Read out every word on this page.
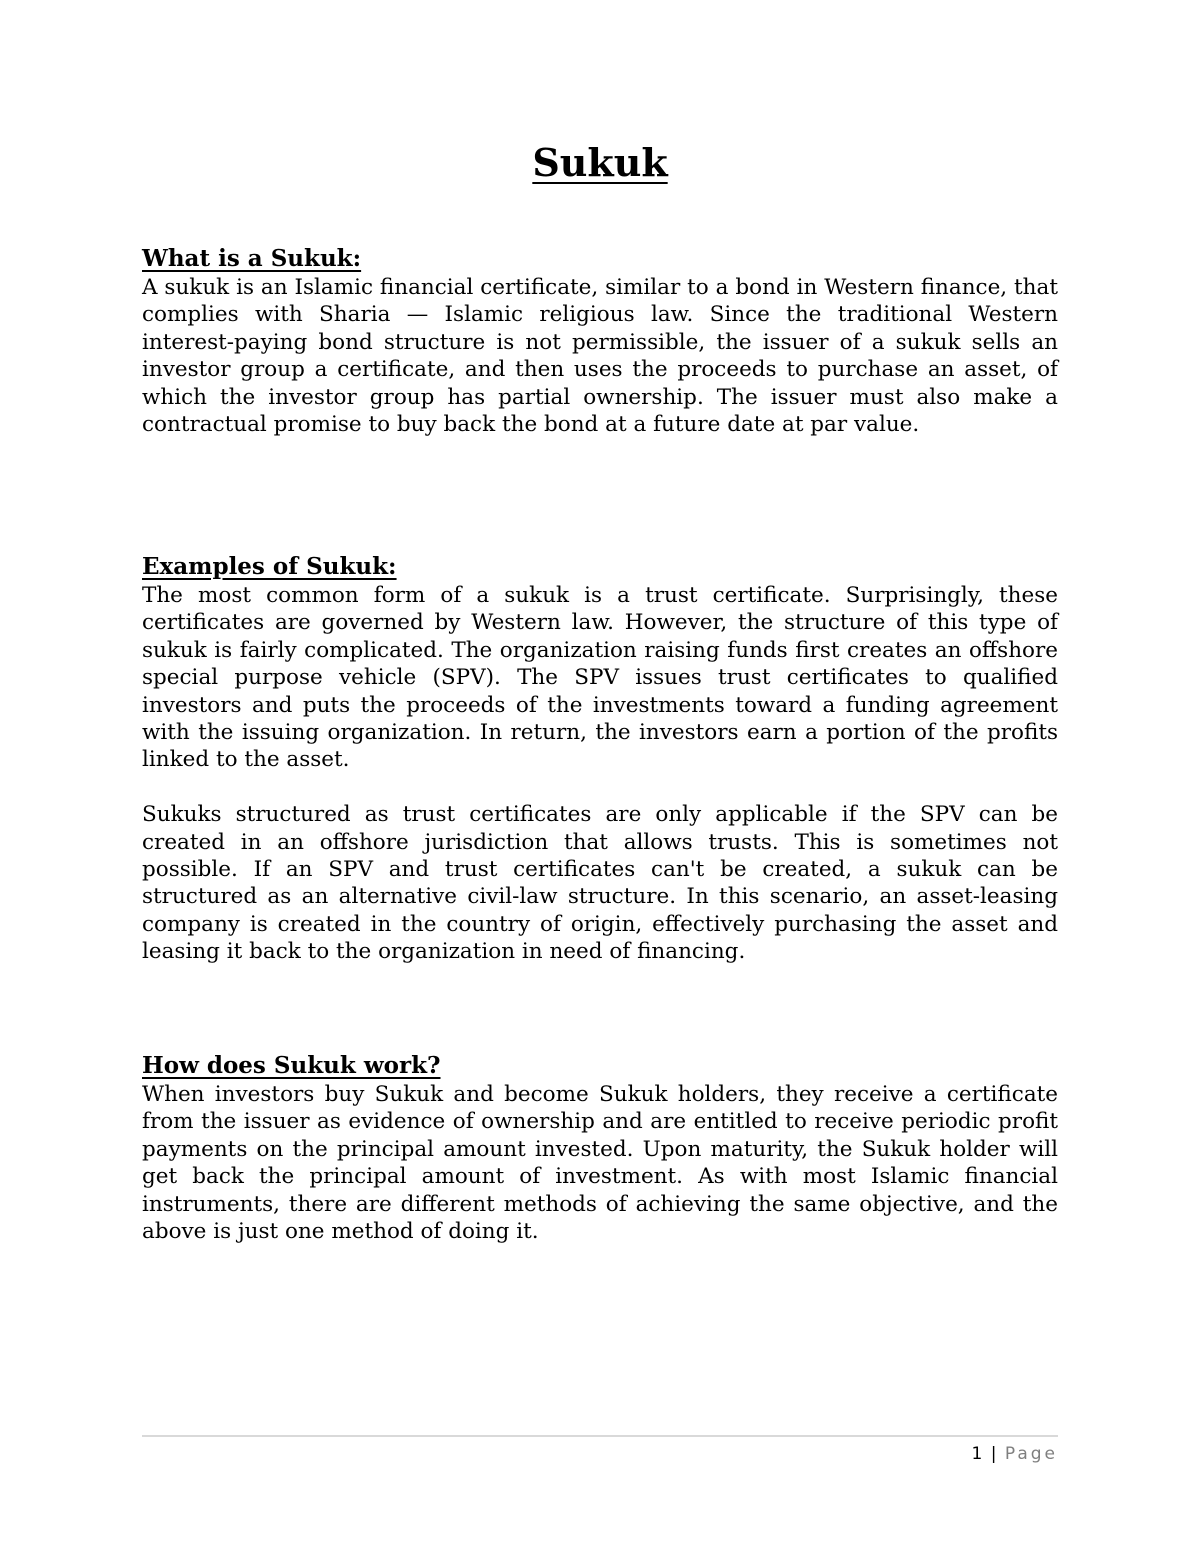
Sukuk
What is a Sukuk:

A sukuk is an Islamic financial certificate, similar to a bond in Western finance, that complies with Sharia — Islamic religious law. Since the traditional Western interest-paying bond structure is not permissible, the issuer of a sukuk sells an investor group a certificate, and then uses the proceeds to purchase an asset, of which the investor group has partial ownership. The issuer must also make a contractual promise to buy back the bond at a future date at par value.

Examples of Sukuk:

The most common form of a sukuk is a trust certificate. Surprisingly, these certificates are governed by Western law. However, the structure of this type of sukuk is fairly complicated. The organization raising funds first creates an offshore special purpose vehicle (SPV). The SPV issues trust certificates to qualified investors and puts the proceeds of the investments toward a funding agreement with the issuing organization. In return, the investors earn a portion of the profits linked to the asset.

Sukuks structured as trust certificates are only applicable if the SPV can be created in an offshore jurisdiction that allows trusts. This is sometimes not possible. If an SPV and trust certificates can't be created, a sukuk can be structured as an alternative civil-law structure. In this scenario, an asset-leasing company is created in the country of origin, effectively purchasing the asset and leasing it back to the organization in need of financing.

How does Sukuk work?

When investors buy Sukuk and become Sukuk holders, they receive a certificate from the issuer as evidence of ownership and are entitled to receive periodic profit payments on the principal amount invested. Upon maturity, the Sukuk holder will get back the principal amount of investment. As with most Islamic financial instruments, there are different methods of achieving the same objective, and the above is just one method of doing it.

1 | Page
